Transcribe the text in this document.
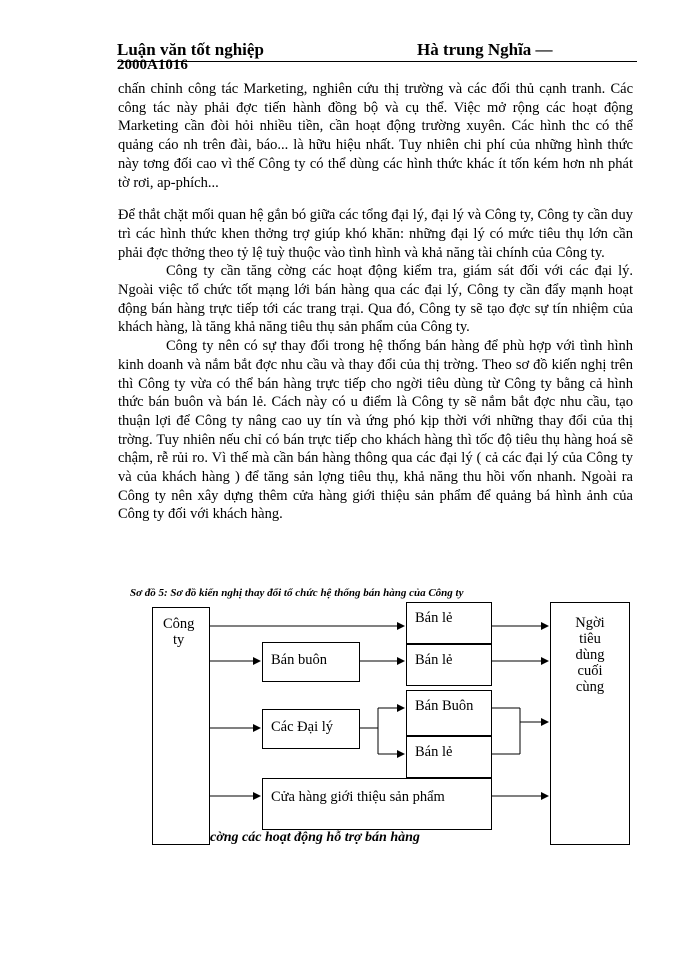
Luận văn tốt nghiệp	Hà trung Nghĩa —
2000A1016

chấn chỉnh công tác Marketing, nghiên cứu thị trường và các đối thủ cạnh tranh. Các công tác này phải đợc tiến hành đồng bộ và cụ thể. Việc mở rộng các hoạt động Marketing cần đòi hỏi nhiều tiền, cần hoạt động trường xuyên. Các hình thc có thể quảng cáo nh trên đài, báo... là hữu hiệu nhất. Tuy nhiên chi phí của những hình thức này tơng đối cao vì thế Công ty có thể dùng các hình thức khác ít tốn kém hơn nh phát tờ rơi, ap-phích...

Để thắt chặt mối quan hệ gắn bó giữa các tổng đại lý, đại lý và Công ty, Công ty cần duy trì các hình thức khen thởng trợ giúp khó khăn: những đại lý có mức tiêu thụ lớn cần phải đợc thởng theo tỷ lệ tuỳ thuộc vào tình hình và khả năng tài chính của Công ty.

Công ty cần tăng cờng các hoạt động kiểm tra, giám sát đối với các đại lý. Ngoài việc tổ chức tốt mạng lới bán hàng qua các đại lý, Công ty cần đẩy mạnh hoạt động bán hàng trực tiếp tới các trang trại. Qua đó, Công ty sẽ tạo đợc sự tín nhiệm của khách hàng, là tăng khả năng tiêu thụ sản phẩm của Công ty.

Công ty nên có sự thay đổi trong hệ thống bán hàng để phù hợp với tình hình kinh doanh và nắm bắt đợc nhu cầu và thay đổi của thị trờng. Theo sơ đồ kiến nghị trên thì Công ty vừa có thể bán hàng trực tiếp cho ngời tiêu dùng từ Công ty bằng cả hình thức bán buôn và bán lẻ. Cách này có u điểm là Công ty sẽ nắm bắt đợc nhu cầu, tạo thuận lợi để Công ty nâng cao uy tín và ứng phó kịp thời với những thay đổi của thị trờng. Tuy nhiên nếu chỉ có bán trực tiếp cho khách hàng thì tốc độ tiêu thụ hàng hoá sẽ chậm, rễ rủi ro. Vì thế mà cần bán hàng thông qua các đại lý ( cả các đại lý của Công ty và của khách hàng ) để tăng sản lợng tiêu thụ, khả năng thu hồi vốn nhanh. Ngoài ra Công ty nên xây dựng thêm cửa hàng giới thiệu sản phẩm để quảng bá hình ảnh của Công ty đối với khách hàng.

Sơ đồ 5: Sơ đồ kiến nghị thay đổi tổ chức hệ thống bán hàng của Công ty
Công
ty
Bán buôn
Các Đại lý
Bán lẻ
Bán lẻ
Bán Buôn
Bán lẻ
Cửa hàng giới thiệu sản phẩm
Ngời
tiêu
dùng
cuối
cùng
cờng các hoạt động hỗ trợ bán hàng
